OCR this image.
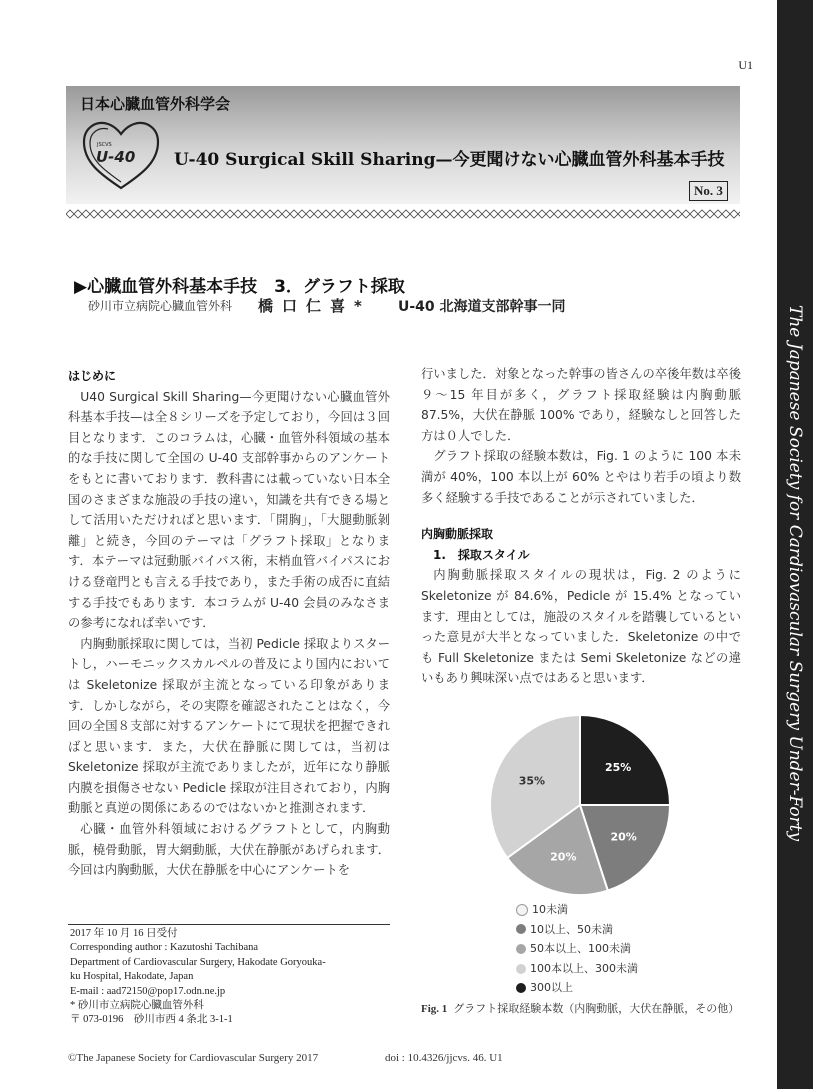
The Japanese Society for Cardiovascular Surgery Under-Forty
U1
日本心臓血管外科学会
JSCVS
U-40 U-40 Surgical Skill Sharing—今更聞けない心臓血管外科基本手技
No. 3
▶心臓血管外科基本手技　3．グラフト採取
砂川市立病院心臓血管外科 橋口仁喜* U-40 北海道支部幹事一同

はじめに

U40 Surgical Skill Sharing—今更聞けない心臓血管外科基本手技—は全８シリーズを予定しており，今回は３回目となります．このコラムは，心臓・血管外科領域の基本的な手技に関して全国の U-40 支部幹事からのアンケートをもとに書いております．教科書には載っていない日本全国のさまざまな施設の手技の違い，知識を共有できる場として活用いただければと思います．「開胸」，「大腿動脈剝離」と続き，今回のテーマは「グラフト採取」となります．本テーマは冠動脈バイパス術，末梢血管バイパスにおける登竜門とも言える手技であり，また手術の成否に直結する手技でもあります．本コラムが U-40 会員のみなさまの参考になれば幸いです．

内胸動脈採取に関しては，当初 Pedicle 採取よりスタートし，ハーモニックスカルペルの普及により国内においては Skeletonize 採取が主流となっている印象があります．しかしながら，その実際を確認されたことはなく，今回の全国８支部に対するアンケートにて現状を把握できればと思います．また，大伏在静脈に関しては，当初は Skeletonize 採取が主流でありましたが，近年になり静脈内膜を損傷させない Pedicle 採取が注目されており，内胸動脈と真逆の関係にあるのではないかと推測されます．

心臓・血管外科領域におけるグラフトとして，内胸動脈，橈骨動脈，胃大網動脈，大伏在静脈があげられます．今回は内胸動脈，大伏在静脈を中心にアンケートを

行いました．対象となった幹事の皆さんの卒後年数は卒後９〜15 年目が多く，グラフト採取経験は内胸動脈 87.5%，大伏在静脈 100% であり，経験なしと回答した方は０人でした．

グラフト採取の経験本数は，Fig. 1 のように 100 本未満が 40%，100 本以上が 60% とやはり若手の頃より数多く経験する手技であることが示されていました．

内胸動脈採取

1.　採取スタイル

内胸動脈採取スタイルの現状は，Fig. 2 のように Skeletonize が 84.6%，Pedicle が 15.4% となっています．理由としては，施設のスタイルを踏襲しているといった意見が大半となっていました．Skeletonize の中でも Full Skeletonize または Semi Skeletonize などの違いもあり興味深い点ではあると思います．

25%
20%
20%
35%
10未満
10以上、50未満
50本以上、100未満
100本以上、300未満
300以上
Fig. 1 グラフト採取経験本数（内胸動脈，大伏在静脈，その他）
2017 年 10 月 16 日受付
Corresponding author : Kazutoshi Tachibana
Department of Cardiovascular Surgery, Hakodate Goryouka-
ku Hospital, Hakodate, Japan
E-mail : aad72150@pop17.odn.ne.jp
* 砂川市立病院心臓血管外科
〒 073-0196　砂川市西 4 条北 3-1-1
©The Japanese Society for Cardiovascular Surgery 2017	doi : 10.4326/jjcvs. 46. U1
